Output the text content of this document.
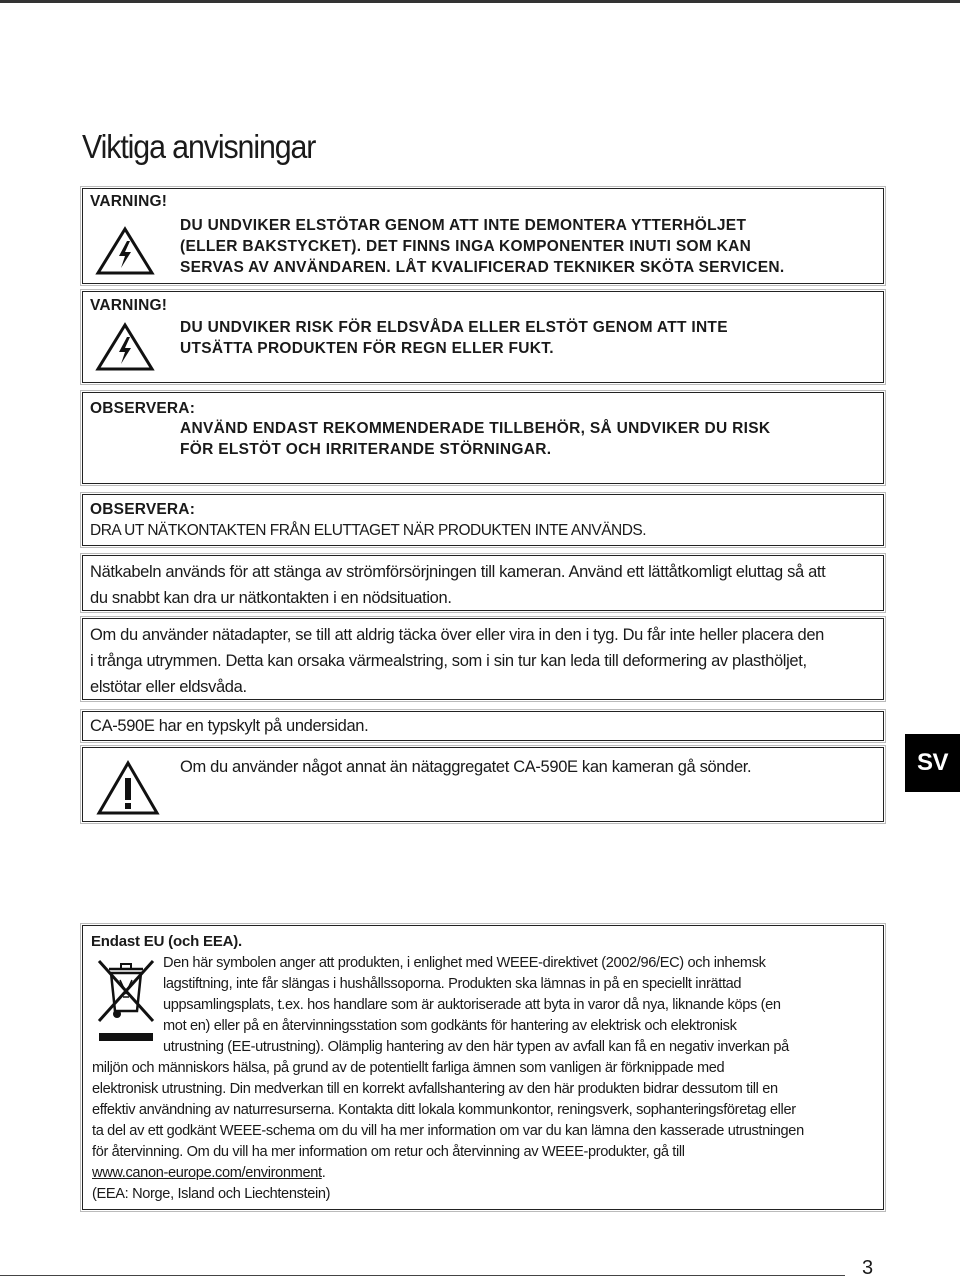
Viktiga anvisningar
VARNING!

DU UNDVIKER ELSTÖTAR GENOM ATT INTE DEMONTERA YTTERHÖLJET
(ELLER BAKSTYCKET). DET FINNS INGA KOMPONENTER INUTI SOM KAN
SERVAS AV ANVÄNDAREN. LÅT KVALIFICERAD TEKNIKER SKÖTA SERVICEN.

VARNING!

DU UNDVIKER RISK FÖR ELDSVÅDA ELLER ELSTÖT GENOM ATT INTE
UTSÄTTA PRODUKTEN FÖR REGN ELLER FUKT.

OBSERVERA:

ANVÄND ENDAST REKOMMENDERADE TILLBEHÖR, SÅ UNDVIKER DU RISK
FÖR ELSTÖT OCH IRRITERANDE STÖRNINGAR.

OBSERVERA:

DRA UT NÄTKONTAKTEN FRÅN ELUTTAGET NÄR PRODUKTEN INTE ANVÄNDS.

Nätkabeln används för att stänga av strömförsörjningen till kameran. Använd ett lättåtkomligt eluttag så att
du snabbt kan dra ur nätkontakten i en nödsituation.

Om du använder nätadapter, se till att aldrig täcka över eller vira in den i tyg. Du får inte heller placera den
i trånga utrymmen. Detta kan orsaka värmealstring, som i sin tur kan leda till deformering av plasthöljet,
elstötar eller eldsvåda.

CA-590E har en typskylt på undersidan.

Om du använder något annat än nätaggregatet CA-590E kan kameran gå sönder.	SV
Endast EU (och EEA).

Den här symbolen anger att produkten, i enlighet med WEEE-direktivet (2002/96/EC) och inhemsk
lagstiftning, inte får slängas i hushållssoporna. Produkten ska lämnas in på en speciellt inrättad
uppsamlingsplats, t.ex. hos handlare som är auktoriserade att byta in varor då nya, liknande köps (en
mot en) eller på en återvinningsstation som godkänts för hantering av elektrisk och elektronisk
utrustning (EE-utrustning). Olämplig hantering av den här typen av avfall kan få en negativ inverkan på

miljön och människors hälsa, på grund av de potentiellt farliga ämnen som vanligen är förknippade med
elektronisk utrustning. Din medverkan till en korrekt avfallshantering av den här produkten bidrar dessutom till en
effektiv användning av naturresurserna. Kontakta ditt lokala kommunkontor, reningsverk, sophanteringsföretag eller
ta del av ett godkänt WEEE-schema om du vill ha mer information om var du kan lämna den kasserade utrustningen
för återvinning. Om du vill ha mer information om retur och återvinning av WEEE-produkter, gå till
www.canon-europe.com/environment.
(EEA: Norge, Island och Liechtenstein)

3
